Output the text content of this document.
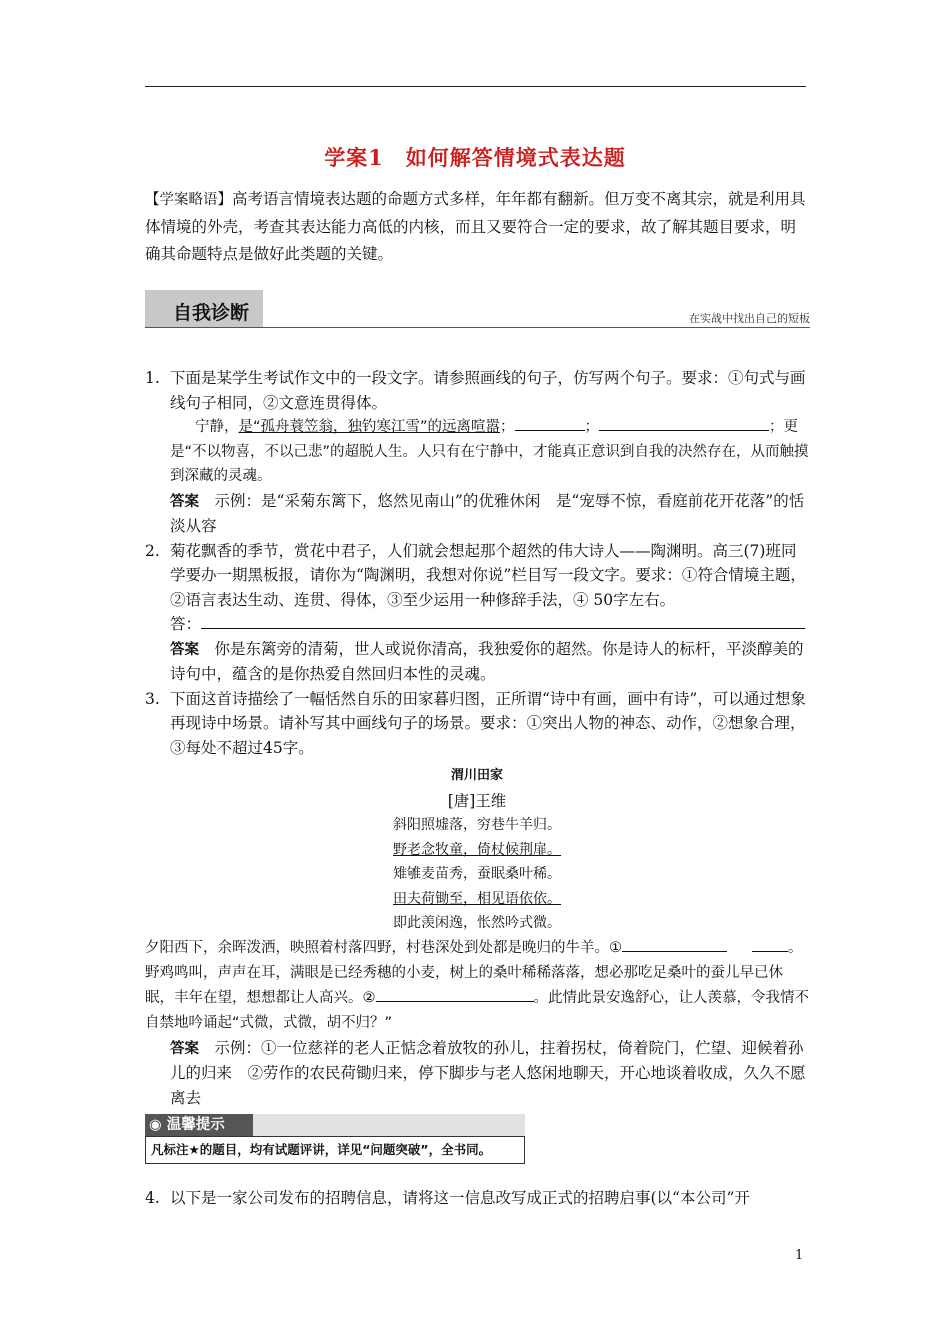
学案1　如何解答情境式表达题
【学案略语】高考语言情境表达题的命题方式多样，年年都有翻新。但万变不离其宗，就是利用具体情境的外壳，考查其表达能力高低的内核，而且又要符合一定的要求，故了解其题目要求，明确其命题特点是做好此类题的关键。
自我诊断	在实战中找出自己的短板
1. 下面是某学生考试作文中的一段文字。请参照画线的句子，仿写两个句子。要求：①句式与画线句子相同，②文意连贯得体。
宁静，是“孤舟蓑笠翁，独钓寒江雪”的远离喧嚣；	；	；更是“不以物喜，不以己悲”的超脱人生。人只有在宁静中，才能真正意识到自我的决然存在，从而触摸到深藏的灵魂。
答案　示例：是“采菊东篱下，悠然见南山”的优雅休闲　是“宠辱不惊，看庭前花开花落”的恬淡从容
2. 菊花飘香的季节，赏花中君子，人们就会想起那个超然的伟大诗人——陶渊明。高三(7)班同学要办一期黑板报，请你为“陶渊明，我想对你说”栏目写一段文字。要求：①符合情境主题，②语言表达生动、连贯、得体，③至少运用一种修辞手法，④ 50字左右。
答：
答案　你是东篱旁的清菊，世人或说你清高，我独爱你的超然。你是诗人的标杆，平淡醇美的诗句中，蕴含的是你热爱自然回归本性的灵魂。
3. 下面这首诗描绘了一幅恬然自乐的田家暮归图，正所谓“诗中有画，画中有诗”，可以通过想象再现诗中场景。请补写其中画线句子的场景。要求：①突出人物的神态、动作，②想象合理，③每处不超过45字。
渭川田家
[唐]王维
斜阳照墟落，穷巷牛羊归。
野老念牧童，倚杖候荆扉。
雉雊麦苗秀，蚕眠桑叶稀。
田夫荷锄至，相见语依依。
即此羡闲逸，怅然吟式微。
夕阳西下，余晖泼洒，映照着村落四野，村巷深处到处都是晚归的牛羊。①	。野鸡鸣叫，声声在耳，满眼是已经秀穗的小麦，树上的桑叶稀稀落落，想必那吃足桑叶的蚕儿早已休眠，丰年在望，想想都让人高兴。②	。此情此景安逸舒心，让人羡慕，令我情不自禁地吟诵起“式微，式微，胡不归？”
答案　示例：①一位慈祥的老人正惦念着放牧的孙儿，拄着拐杖，倚着院门，伫望、迎候着孙儿的归来　②劳作的农民荷锄归来，停下脚步与老人悠闲地聊天，开心地谈着收成，久久不愿离去
◉ 温馨提示
凡标注★的题目，均有试题评讲，详见“问题突破”，全书同。
4. 以下是一家公司发布的招聘信息，请将这一信息改写成正式的招聘启事(以“本公司”开
1
